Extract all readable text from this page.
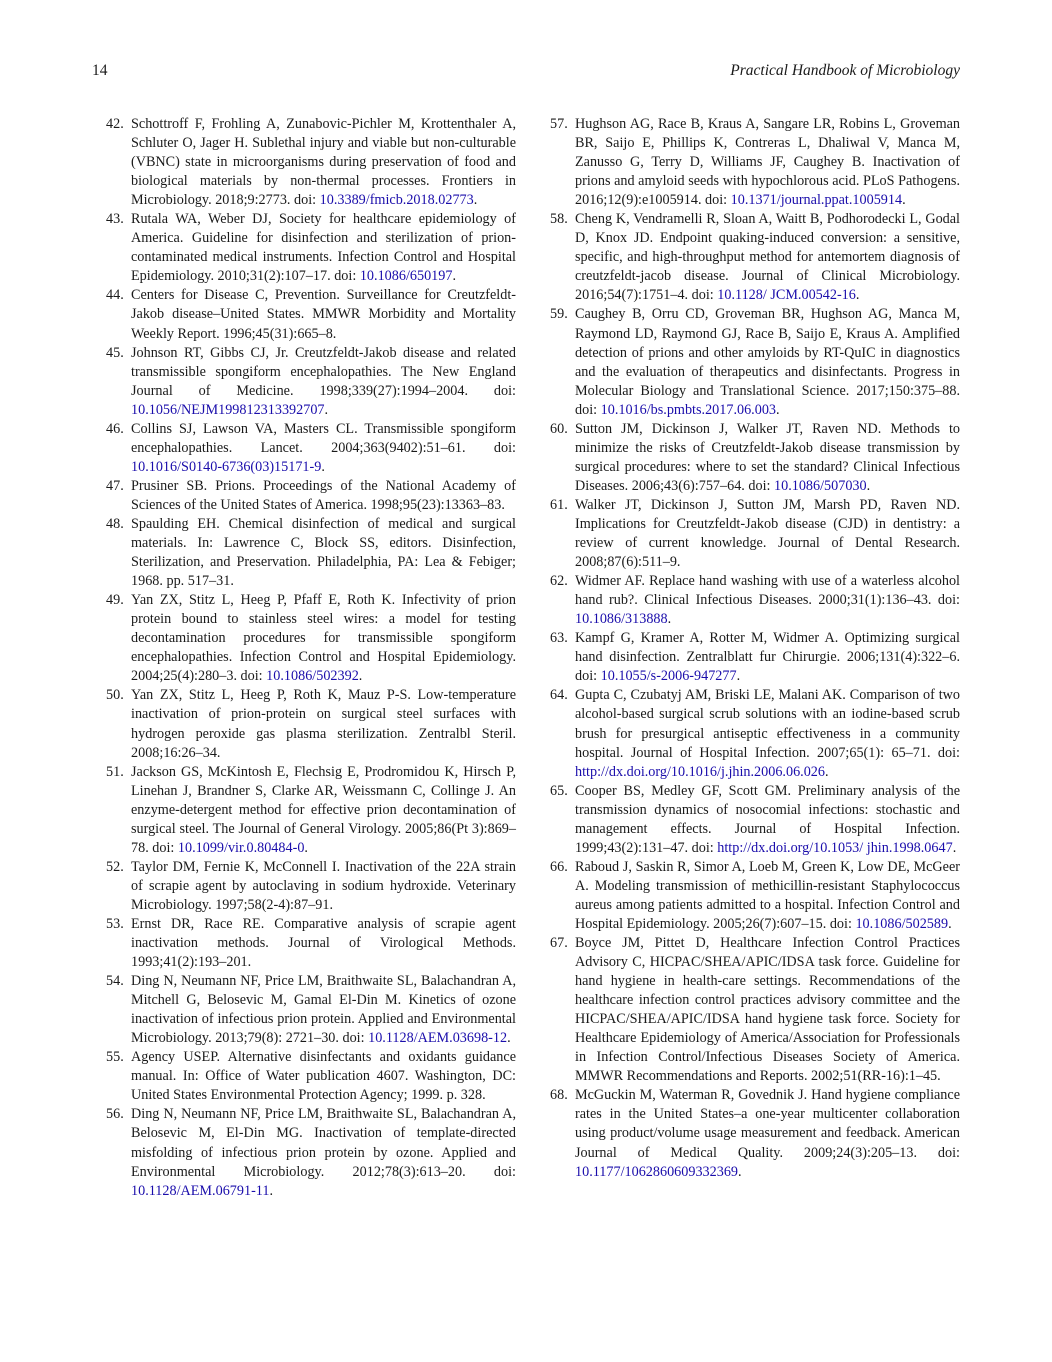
14	Practical Handbook of Microbiology

42. Schottroff F, Frohling A, Zunabovic-Pichler M, Krottenthaler A, Schluter O, Jager H. Sublethal injury and viable but non-culturable (VBNC) state in microorganisms during preservation of food and biological materials by non-thermal processes. Frontiers in Microbiology. 2018;9:2773. doi: 10.3389/fmicb.2018.02773.

43. Rutala WA, Weber DJ, Society for healthcare epidemiology of America. Guideline for disinfection and sterilization of prion-contaminated medical instruments. Infection Control and Hospital Epidemiology. 2010;31(2):107–17. doi: 10.1086/650197.

44. Centers for Disease C, Prevention. Surveillance for Creutzfeldt-Jakob disease–United States. MMWR Morbidity and Mortality Weekly Report. 1996;45(31):665–8.

45. Johnson RT, Gibbs CJ, Jr. Creutzfeldt-Jakob disease and related transmissible spongiform encephalopathies. The New England Journal of Medicine. 1998;339(27):1994–2004. doi: 10.1056/NEJM199812313392707.

46. Collins SJ, Lawson VA, Masters CL. Transmissible spongiform encephalopathies. Lancet. 2004;363(9402):51–61. doi: 10.1016/S0140-6736(03)15171-9.

47. Prusiner SB. Prions. Proceedings of the National Academy of Sciences of the United States of America. 1998;95(23):13363–83.

48. Spaulding EH. Chemical disinfection of medical and surgical materials. In: Lawrence C, Block SS, editors. Disinfection, Sterilization, and Preservation. Philadelphia, PA: Lea & Febiger; 1968. pp. 517–31.

49. Yan ZX, Stitz L, Heeg P, Pfaff E, Roth K. Infectivity of prion protein bound to stainless steel wires: a model for testing decontamination procedures for transmissible spongiform encephalopathies. Infection Control and Hospital Epidemiology. 2004;25(4):280–3. doi: 10.1086/502392.

50. Yan ZX, Stitz L, Heeg P, Roth K, Mauz P-S. Low-temperature inactivation of prion-protein on surgical steel surfaces with hydrogen peroxide gas plasma sterilization. Zentralbl Steril. 2008;16:26–34.

51. Jackson GS, McKintosh E, Flechsig E, Prodromidou K, Hirsch P, Linehan J, Brandner S, Clarke AR, Weissmann C, Collinge J. An enzyme-detergent method for effective prion decontamination of surgical steel. The Journal of General Virology. 2005;86(Pt 3):869–78. doi: 10.1099/vir.0.80484-0.

52. Taylor DM, Fernie K, McConnell I. Inactivation of the 22A strain of scrapie agent by autoclaving in sodium hydroxide. Veterinary Microbiology. 1997;58(2-4):87–91.

53. Ernst DR, Race RE. Comparative analysis of scrapie agent inactivation methods. Journal of Virological Methods. 1993;41(2):193–201.

54. Ding N, Neumann NF, Price LM, Braithwaite SL, Balachandran A, Mitchell G, Belosevic M, Gamal El-Din M. Kinetics of ozone inactivation of infectious prion protein. Applied and Environmental Microbiology. 2013;79(8): 2721–30. doi: 10.1128/AEM.03698-12.

55. Agency USEP. Alternative disinfectants and oxidants guidance manual. In: Office of Water publication 4607. Washington, DC: United States Environmental Protection Agency; 1999. p. 328.

56. Ding N, Neumann NF, Price LM, Braithwaite SL, Balachandran A, Belosevic M, El-Din MG. Inactivation of template-directed misfolding of infectious prion protein by ozone. Applied and Environmental Microbiology. 2012;78(3):613–20. doi: 10.1128/AEM.06791-11.

57. Hughson AG, Race B, Kraus A, Sangare LR, Robins L, Groveman BR, Saijo E, Phillips K, Contreras L, Dhaliwal V, Manca M, Zanusso G, Terry D, Williams JF, Caughey B. Inactivation of prions and amyloid seeds with hypochlorous acid. PLoS Pathogens. 2016;12(9):e1005914. doi: 10.1371/journal.ppat.1005914.

58. Cheng K, Vendramelli R, Sloan A, Waitt B, Podhorodecki L, Godal D, Knox JD. Endpoint quaking-induced conversion: a sensitive, specific, and high-throughput method for antemortem diagnosis of creutzfeldt-jacob disease. Journal of Clinical Microbiology. 2016;54(7):1751–4. doi: 10.1128/ JCM.00542-16.

59. Caughey B, Orru CD, Groveman BR, Hughson AG, Manca M, Raymond LD, Raymond GJ, Race B, Saijo E, Kraus A. Amplified detection of prions and other amyloids by RT-QuIC in diagnostics and the evaluation of therapeutics and disinfectants. Progress in Molecular Biology and Translational Science. 2017;150:375–88. doi: 10.1016/bs.pmbts.2017.06.003.

60. Sutton JM, Dickinson J, Walker JT, Raven ND. Methods to minimize the risks of Creutzfeldt-Jakob disease transmission by surgical procedures: where to set the standard? Clinical Infectious Diseases. 2006;43(6):757–64. doi: 10.1086/507030.

61. Walker JT, Dickinson J, Sutton JM, Marsh PD, Raven ND. Implications for Creutzfeldt-Jakob disease (CJD) in dentistry: a review of current knowledge. Journal of Dental Research. 2008;87(6):511–9.

62. Widmer AF. Replace hand washing with use of a waterless alcohol hand rub?. Clinical Infectious Diseases. 2000;31(1):136–43. doi: 10.1086/313888.

63. Kampf G, Kramer A, Rotter M, Widmer A. Optimizing surgical hand disinfection. Zentralblatt fur Chirurgie. 2006;131(4):322–6. doi: 10.1055/s-2006-947277.

64. Gupta C, Czubatyj AM, Briski LE, Malani AK. Comparison of two alcohol-based surgical scrub solutions with an iodine-based scrub brush for presurgical antiseptic effectiveness in a community hospital. Journal of Hospital Infection. 2007;65(1): 65–71. doi: http://dx.doi.org/10.1016/j.jhin.2006.06.026.

65. Cooper BS, Medley GF, Scott GM. Preliminary analysis of the transmission dynamics of nosocomial infections: stochastic and management effects. Journal of Hospital Infection. 1999;43(2):131–47. doi: http://dx.doi.org/10.1053/ jhin.1998.0647.

66. Raboud J, Saskin R, Simor A, Loeb M, Green K, Low DE, McGeer A. Modeling transmission of methicillin-resistant Staphylococcus aureus among patients admitted to a hospital. Infection Control and Hospital Epidemiology. 2005;26(7):607–15. doi: 10.1086/502589.

67. Boyce JM, Pittet D, Healthcare Infection Control Practices Advisory C, HICPAC/SHEA/APIC/IDSA task force. Guideline for hand hygiene in health-care settings. Recommendations of the healthcare infection control practices advisory committee and the HICPAC/SHEA/APIC/IDSA hand hygiene task force. Society for Healthcare Epidemiology of America/Association for Professionals in Infection Control/Infectious Diseases Society of America. MMWR Recommendations and Reports. 2002;51(RR-16):1–45.

68. McGuckin M, Waterman R, Govednik J. Hand hygiene compliance rates in the United States–a one-year multicenter collaboration using product/volume usage measurement and feedback. American Journal of Medical Quality. 2009;24(3):205–13. doi: 10.1177/1062860609332369.
